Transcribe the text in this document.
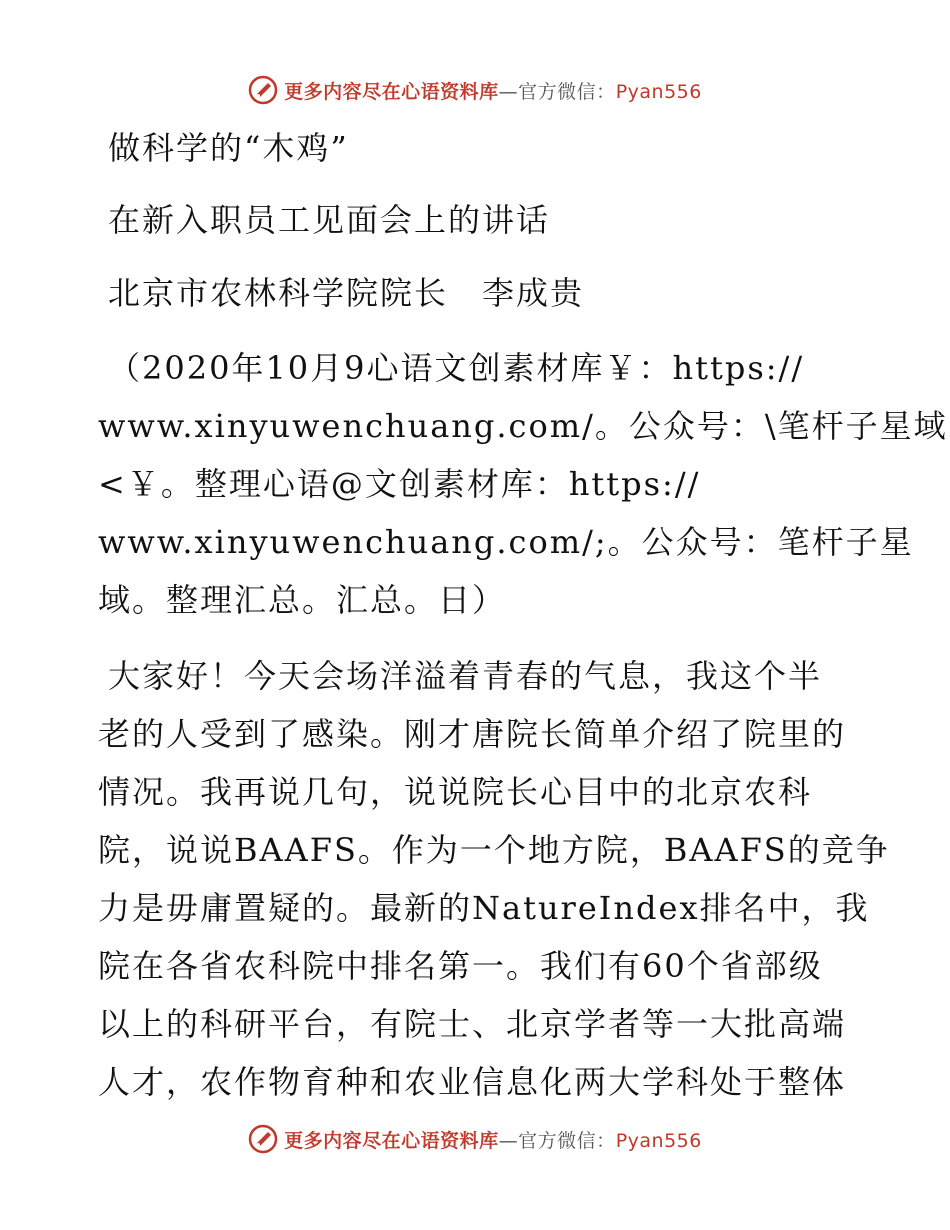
更多内容尽在心语资料库—官方微信：Pyan556
做科学的“木鸡”
在新入职员工见面会上的讲话
北京市农林科学院院长　李成贵
（2020年10月9心语文创素材库￥：https://
www.xinyuwenchuang.com/。公众号：\笔杆子星域
<￥。整理心语@文创素材库：https://
www.xinyuwenchuang.com/;。公众号：笔杆子星
域。整理汇总。汇总。日）
大家好！今天会场洋溢着青春的气息，我这个半
老的人受到了感染。刚才唐院长简单介绍了院里的
情况。我再说几句，说说院长心目中的北京农科
院，说说BAAFS。作为一个地方院，BAAFS的竞争
力是毋庸置疑的。最新的NatureIndex排名中，我
院在各省农科院中排名第一。我们有60个省部级
以上的科研平台，有院士、北京学者等一大批高端
人才，农作物育种和农业信息化两大学科处于整体
更多内容尽在心语资料库—官方微信：Pyan556
